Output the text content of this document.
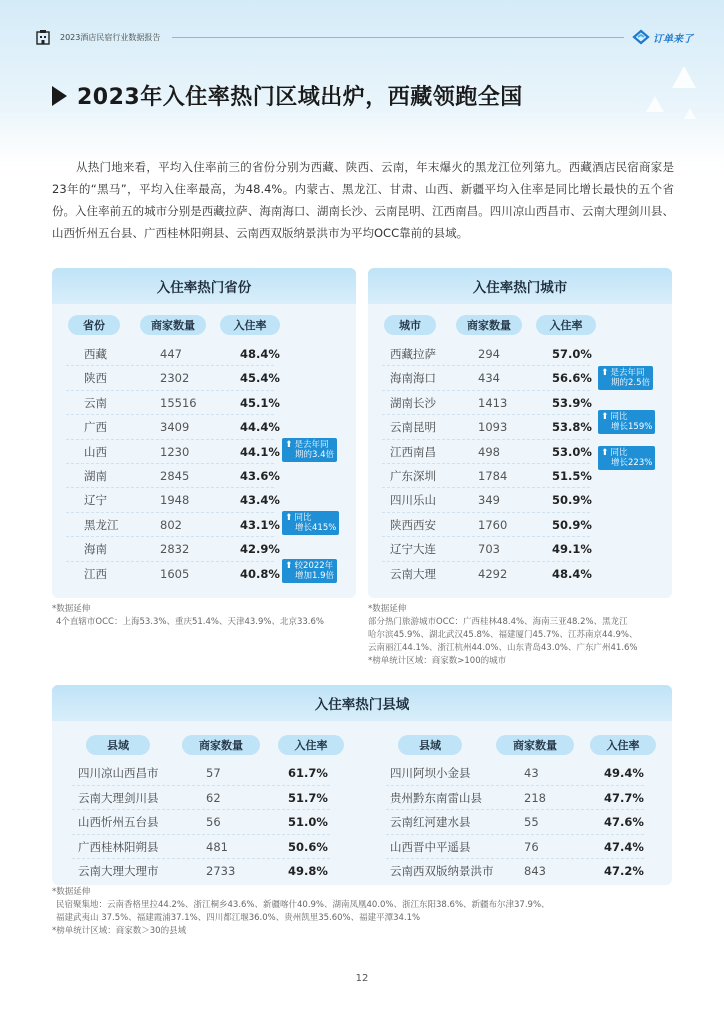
2023酒店民宿行业数据报告	订单来了
2023年入住率热门区域出炉，西藏领跑全国
从热门地来看，平均入住率前三的省份分别为西藏、陕西、云南，年末爆火的黑龙江位列第九。西藏酒店民宿商家是23年的“黑马”，平均入住率最高，为48.4%。内蒙古、黑龙江、甘肃、山西、新疆平均入住率是同比增长最快的五个省份。入住率前五的城市分别是西藏拉萨、海南海口、湖南长沙、云南昆明、江西南昌。四川凉山西昌市、云南大理剑川县、山西忻州五台县、广西桂林阳朔县、云南西双版纳景洪市为平均OCC靠前的县域。
入住率热门省份
省份	商家数量	入住率
西藏	447	48.4%
陕西	2302	45.4%
云南	15516	45.1%
广西	3409	44.4%
山西	1230	44.1%
湖南	2845	43.6%
辽宁	1948	43.4%
黑龙江	802	43.1%
海南	2832	42.9%
江西	1605	40.8%
⬆ 是去年同
期的3.4倍
⬆ 同比
增长415%
⬆ 较2022年
增加1.9倍
*数据延伸
4个直辖市OCC：上海53.3%、重庆51.4%、天津43.9%、北京33.6%
入住率热门城市
城市	商家数量	入住率
西藏拉萨	294	57.0%
海南海口	434	56.6%
湖南长沙	1413	53.9%
云南昆明	1093	53.8%
江西南昌	498	53.0%
广东深圳	1784	51.5%
四川乐山	349	50.9%
陕西西安	1760	50.9%
辽宁大连	703	49.1%
云南大理	4292	48.4%
⬆ 是去年同
期的2.5倍
⬆ 同比
增长159%
⬆ 同比
增长223%
*数据延伸
部分热门旅游城市OCC：广西桂林48.4%、海南三亚48.2%、黑龙江
哈尔滨45.9%、湖北武汉45.8%、福建厦门45.7%、江苏南京44.9%、
云南丽江44.1%、浙江杭州44.0%、山东青岛43.0%、广东广州41.6%
*榜单统计区域：商家数>100的城市
入住率热门县域
县域	商家数量	入住率	县域	商家数量	入住率
四川凉山西昌市	57	61.7%
云南大理剑川县	62	51.7%
山西忻州五台县	56	51.0%
广西桂林阳朔县	481	50.6%
云南大理大理市	2733	49.8%
四川阿坝小金县	43	49.4%
贵州黔东南雷山县	218	47.7%
云南红河建水县	55	47.6%
山西晋中平遥县	76	47.4%
云南西双版纳景洪市	843	47.2%
*数据延伸
民宿聚集地：云南香格里拉44.2%、浙江桐乡43.6%、新疆喀什40.9%、湖南凤凰40.0%、浙江东阳38.6%、新疆布尔津37.9%、
福建武夷山 37.5%、福建霞浦37.1%、四川都江堰36.0%、贵州凯里35.60%、福建平潭34.1%
*榜单统计区域：商家数＞30的县域
12
